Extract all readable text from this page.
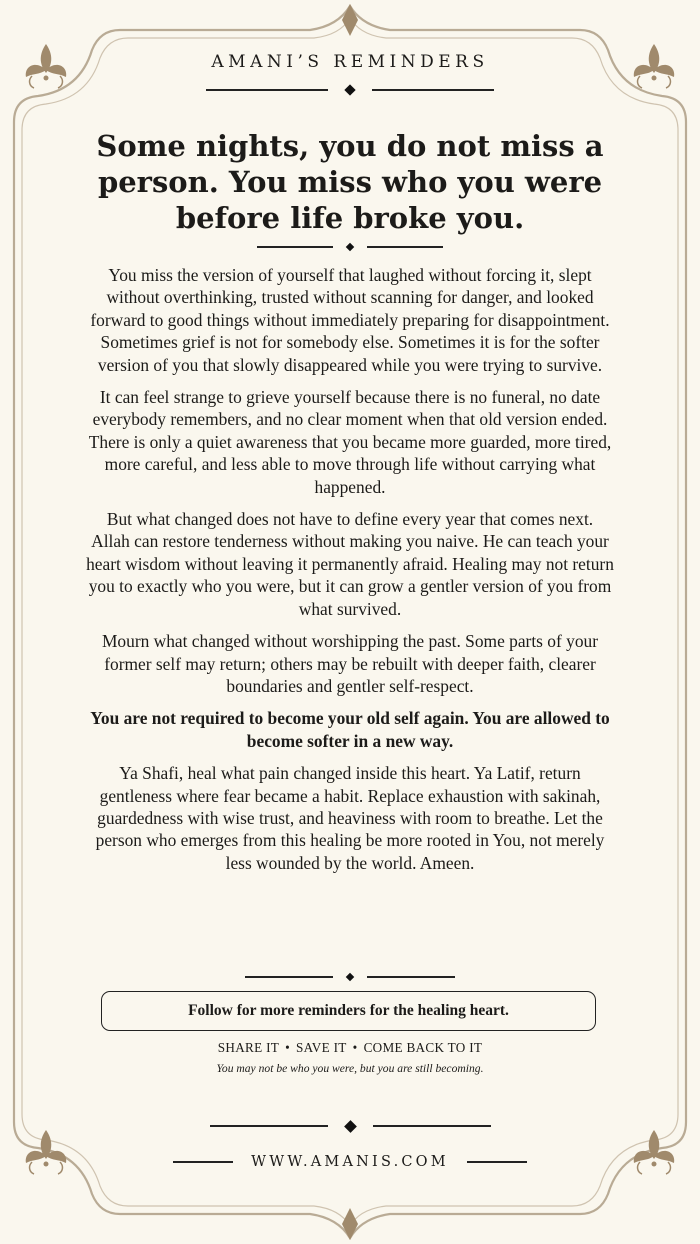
AMANI’S REMINDERS
Some nights, you do not miss a person. You miss who you were before life broke you.

You miss the version of yourself that laughed without forcing it, slept without overthinking, trusted without scanning for danger, and looked forward to good things without immediately preparing for disappointment. Sometimes grief is not for somebody else. Sometimes it is for the softer version of you that slowly disappeared while you were trying to survive.

It can feel strange to grieve yourself because there is no funeral, no date everybody remembers, and no clear moment when that old version ended. There is only a quiet awareness that you became more guarded, more tired, more careful, and less able to move through life without carrying what happened.

But what changed does not have to define every year that comes next. Allah can restore tenderness without making you naive. He can teach your heart wisdom without leaving it permanently afraid. Healing may not return you to exactly who you were, but it can grow a gentler version of you from what survived.

Mourn what changed without worshipping the past. Some parts of your former self may return; others may be rebuilt with deeper faith, clearer boundaries and gentler self-respect.

You are not required to become your old self again. You are allowed to become softer in a new way.

Ya Shafi, heal what pain changed inside this heart. Ya Latif, return gentleness where fear became a habit. Replace exhaustion with sakinah, guardedness with wise trust, and heaviness with room to breathe. Let the person who emerges from this healing be more rooted in You, not merely less wounded by the world. Ameen.

Follow for more reminders for the healing heart.
SHARE IT • SAVE IT • COME BACK TO IT
You may not be who you were, but you are still becoming.
WWW.AMANIS.COM
